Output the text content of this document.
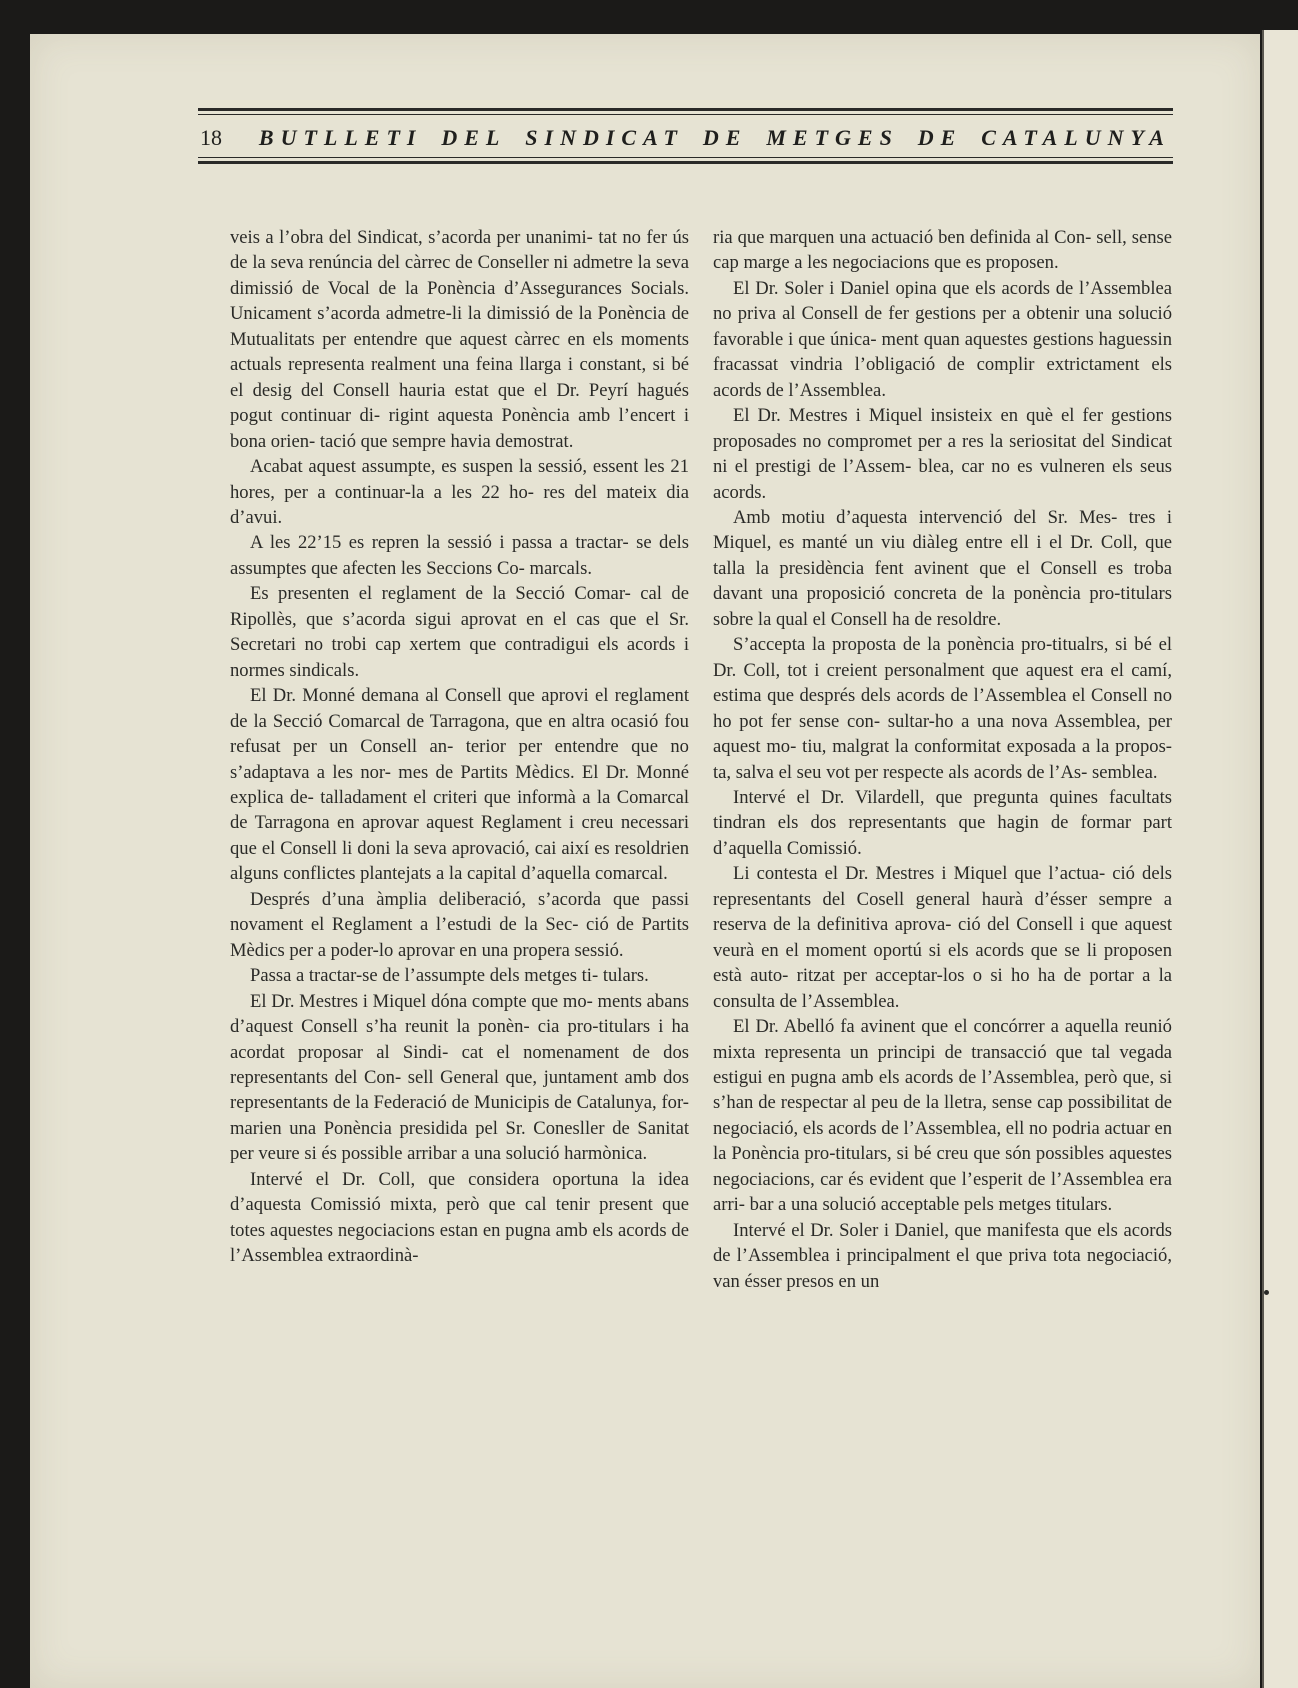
18 BUTLLETI DEL SINDICAT DE METGES DE CATALUNYA

veis a l’obra del Sindicat, s’acorda per unanimi- tat no fer ús de la seva renúncia del càrrec de Conseller ni admetre la seva dimissió de Vocal de la Ponència d’Assegurances Socials. Unicament s’acorda admetre-li la dimissió de la Ponència de Mutualitats per entendre que aquest càrrec en els moments actuals representa realment una feina llarga i constant, si bé el desig del Consell hauria estat que el Dr. Peyrí hagués pogut continuar di- rigint aquesta Ponència amb l’encert i bona orien- tació que sempre havia demostrat.

Acabat aquest assumpte, es suspen la sessió, essent les 21 hores, per a continuar-la a les 22 ho- res del mateix dia d’avui.

A les 22’15 es repren la sessió i passa a tractar- se dels assumptes que afecten les Seccions Co- marcals.

Es presenten el reglament de la Secció Comar- cal de Ripollès, que s’acorda sigui aprovat en el cas que el Sr. Secretari no trobi cap xertem que contradigui els acords i normes sindicals.

El Dr. Monné demana al Consell que aprovi el reglament de la Secció Comarcal de Tarragona, que en altra ocasió fou refusat per un Consell an- terior per entendre que no s’adaptava a les nor- mes de Partits Mèdics. El Dr. Monné explica de- talladament el criteri que informà a la Comarcal de Tarragona en aprovar aquest Reglament i creu necessari que el Consell li doni la seva aprovació, cai així es resoldrien alguns conflictes plantejats a la capital d’aquella comarcal.

Després d’una àmplia deliberació, s’acorda que passi novament el Reglament a l’estudi de la Sec- ció de Partits Mèdics per a poder-lo aprovar en una propera sessió.

Passa a tractar-se de l’assumpte dels metges ti- tulars.

El Dr. Mestres i Miquel dóna compte que mo- ments abans d’aquest Consell s’ha reunit la ponèn- cia pro-titulars i ha acordat proposar al Sindi- cat el nomenament de dos representants del Con- sell General que, juntament amb dos representants de la Federació de Municipis de Catalunya, for- marien una Ponència presidida pel Sr. Conesller de Sanitat per veure si és possible arribar a una solució harmònica.

Intervé el Dr. Coll, que considera oportuna la idea d’aquesta Comissió mixta, però que cal tenir present que totes aquestes negociacions estan en pugna amb els acords de l’Assemblea extraordinà-

ria que marquen una actuació ben definida al Con- sell, sense cap marge a les negociacions que es proposen.

El Dr. Soler i Daniel opina que els acords de l’Assemblea no priva al Consell de fer gestions per a obtenir una solució favorable i que única- ment quan aquestes gestions haguessin fracassat vindria l’obligació de complir extrictament els acords de l’Assemblea.

El Dr. Mestres i Miquel insisteix en què el fer gestions proposades no compromet per a res la seriositat del Sindicat ni el prestigi de l’Assem- blea, car no es vulneren els seus acords.

Amb motiu d’aquesta intervenció del Sr. Mes- tres i Miquel, es manté un viu diàleg entre ell i el Dr. Coll, que talla la presidència fent avinent que el Consell es troba davant una proposició concreta de la ponència pro-titulars sobre la qual el Consell ha de resoldre.

S’accepta la proposta de la ponència pro-titualrs, si bé el Dr. Coll, tot i creient personalment que aquest era el camí, estima que després dels acords de l’Assemblea el Consell no ho pot fer sense con- sultar-ho a una nova Assemblea, per aquest mo- tiu, malgrat la conformitat exposada a la propos- ta, salva el seu vot per respecte als acords de l’As- semblea.

Intervé el Dr. Vilardell, que pregunta quines facultats tindran els dos representants que hagin de formar part d’aquella Comissió.

Li contesta el Dr. Mestres i Miquel que l’actua- ció dels representants del Cosell general haurà d’ésser sempre a reserva de la definitiva aprova- ció del Consell i que aquest veurà en el moment oportú si els acords que se li proposen està auto- ritzat per acceptar-los o si ho ha de portar a la consulta de l’Assemblea.

El Dr. Abelló fa avinent que el concórrer a aquella reunió mixta representa un principi de transacció que tal vegada estigui en pugna amb els acords de l’Assemblea, però que, si s’han de respectar al peu de la lletra, sense cap possibilitat de negociació, els acords de l’Assemblea, ell no podria actuar en la Ponència pro-titulars, si bé creu que són possibles aquestes negociacions, car és evident que l’esperit de l’Assemblea era arri- bar a una solució acceptable pels metges titulars.

Intervé el Dr. Soler i Daniel, que manifesta que els acords de l’Assemblea i principalment el que priva tota negociació, van ésser presos en un
